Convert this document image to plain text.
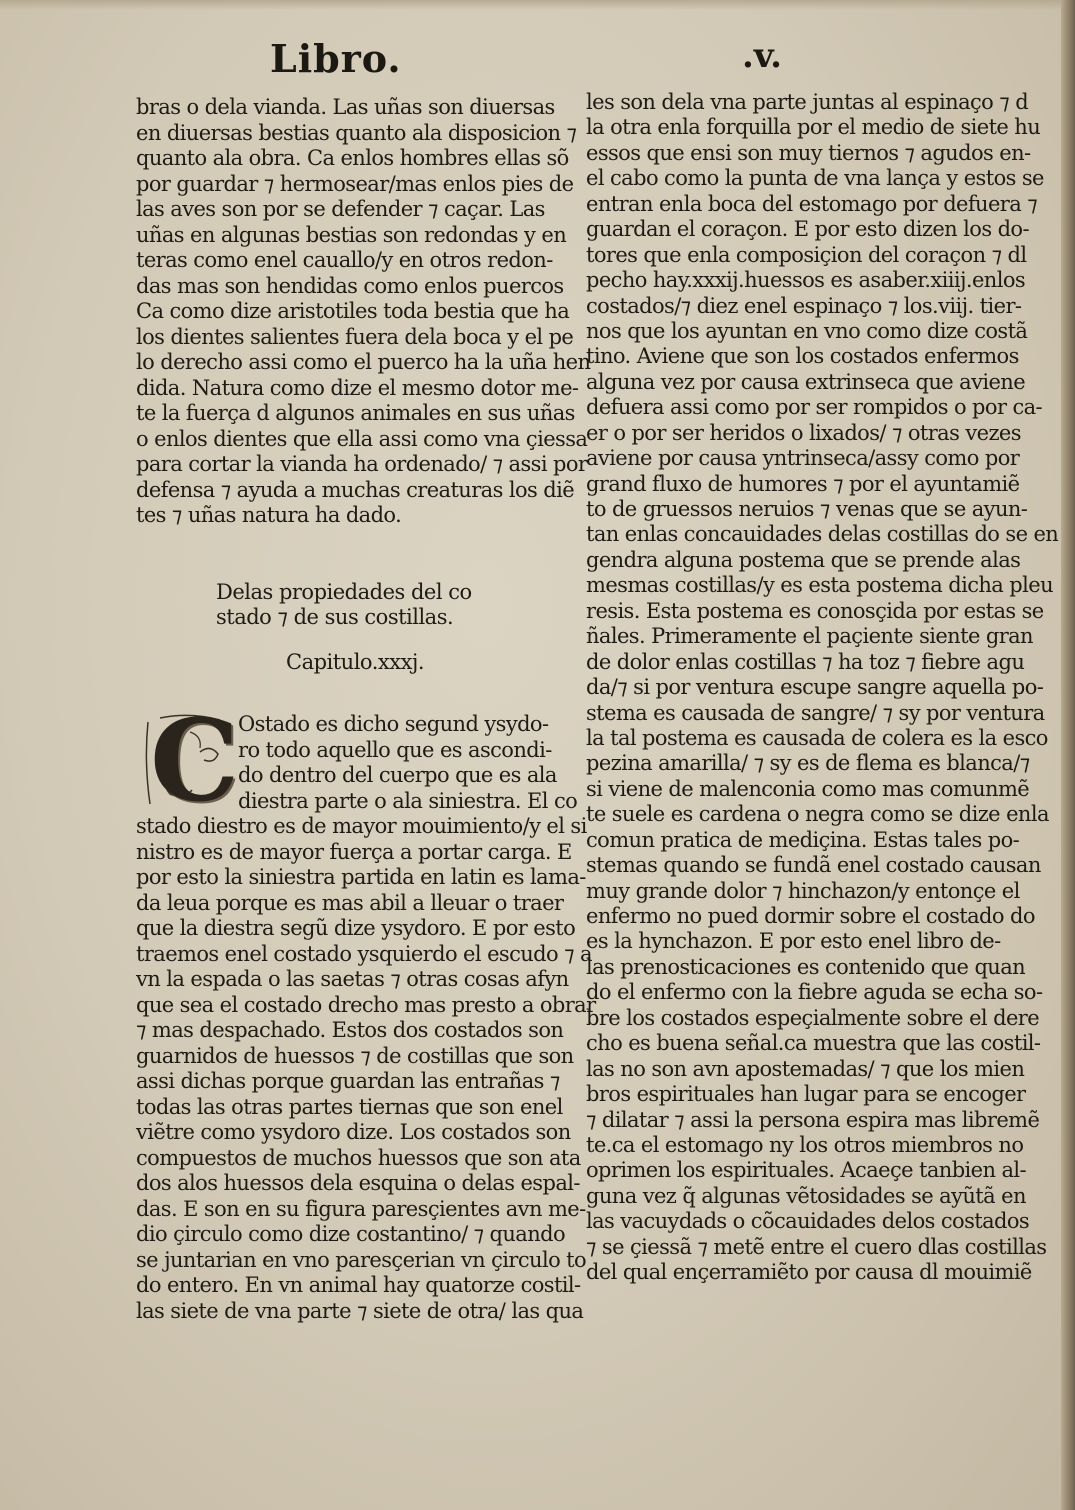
Libro.	.v.
bras o dela vianda. Las uñas son diuersas
en diuersas bestias quanto ala disposicion ⁊
quanto ala obra. Ca enlos hombres ellas sõ
por guardar ⁊ hermosear/mas enlos pies de
las aves son por se defender ⁊ caçar. Las
uñas en algunas bestias son redondas y en
teras como enel cauallo/y en otros redon-
das mas son hendidas como enlos puercos
Ca como dize aristotiles toda bestia que ha
los dientes salientes fuera dela boca y el pe
lo derecho assi como el puerco ha la uña hen
dida. Natura como dize el mesmo dotor me-
te la fuerça d algunos animales en sus uñas
o enlos dientes que ella assi como vna çiessa
para cortar la vianda ha ordenado/ ⁊ assi por
defensa ⁊ ayuda a muchas creaturas los diẽ
tes ⁊ uñas natura ha dado.
Delas propiedades del co
stado ⁊ de sus costillas.
Capitulo.xxxj.
C
Ostado es dicho segund ysydo-
ro todo aquello que es ascondi-
do dentro del cuerpo que es ala
diestra parte o ala siniestra. El co
stado diestro es de mayor mouimiento/y el si
nistro es de mayor fuerça a portar carga. E
por esto la siniestra partida en latin es lama-
da leua porque es mas abil a lleuar o traer
que la diestra segũ dize ysydoro. E por esto
traemos enel costado ysquierdo el escudo ⁊ a
vn la espada o las saetas ⁊ otras cosas afyn
que sea el costado drecho mas presto a obrar
⁊ mas despachado. Estos dos costados son
guarnidos de huessos ⁊ de costillas que son
assi dichas porque guardan las entrañas ⁊
todas las otras partes tiernas que son enel
viẽtre como ysydoro dize. Los costados son
compuestos de muchos huessos que son ata
dos alos huessos dela esquina o delas espal-
das. E son en su figura paresçientes avn me-
dio çirculo como dize costantino/ ⁊ quando
se juntarian en vno paresçerian vn çirculo to
do entero. En vn animal hay quatorze costil-
las siete de vna parte ⁊ siete de otra/ las qua
les son dela vna parte juntas al espinaço ⁊ d
la otra enla forquilla por el medio de siete hu
essos que ensi son muy tiernos ⁊ agudos en-
el cabo como la punta de vna lança y estos se
entran enla boca del estomago por defuera ⁊
guardan el coraçon. E por esto dizen los do-
tores que enla composiçion del coraçon ⁊ dl
pecho hay.xxxij.huessos es asaber.xiiij.enlos
costados/⁊ diez enel espinaço ⁊ los.viij. tier-
nos que los ayuntan en vno como dize costã
tino. Aviene que son los costados enfermos
alguna vez por causa extrinseca que aviene
defuera assi como por ser rompidos o por ca-
er o por ser heridos o lixados/ ⁊ otras vezes
aviene por causa yntrinseca/assy como por
grand fluxo de humores ⁊ por el ayuntamiẽ
to de gruessos neruios ⁊ venas que se ayun-
tan enlas concauidades delas costillas do se en
gendra alguna postema que se prende alas
mesmas costillas/y es esta postema dicha pleu
resis. Esta postema es conosçida por estas se
ñales. Primeramente el paçiente siente gran
de dolor enlas costillas ⁊ ha toz ⁊ fiebre agu
da/⁊ si por ventura escupe sangre aquella po-
stema es causada de sangre/ ⁊ sy por ventura
la tal postema es causada de colera es la esco
pezina amarilla/ ⁊ sy es de flema es blanca/⁊
si viene de malenconia como mas comunmẽ
te suele es cardena o negra como se dize enla
comun pratica de mediçina. Estas tales po-
stemas quando se fundã enel costado causan
muy grande dolor ⁊ hinchazon/y entonçe el
enfermo no pued dormir sobre el costado do
es la hynchazon. E por esto enel libro de-
las prenosticaciones es contenido que quan
do el enfermo con la fiebre aguda se echa so-
bre los costados espeçialmente sobre el dere
cho es buena señal.ca muestra que las costil-
las no son avn apostemadas/ ⁊ que los mien
bros espirituales han lugar para se encoger
⁊ dilatar ⁊ assi la persona espira mas libremẽ
te.ca el estomago ny los otros miembros no
oprimen los espirituales. Acaeçe tanbien al-
guna vez q̃ algunas vẽtosidades se ayũtã en
las vacuydads o cõcauidades delos costados
⁊ se çiessã ⁊ metẽ entre el cuero dlas costillas
del qual ençerramiẽto por causa dl mouimiẽ
